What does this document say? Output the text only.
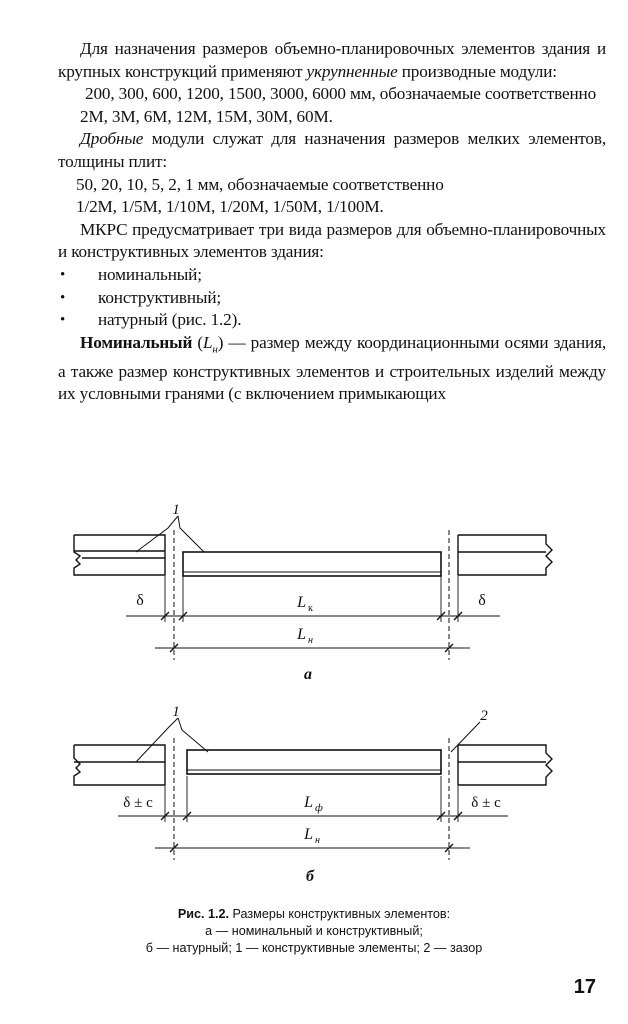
Для назначения размеров объемно-планировочных элементов здания и крупных конструкций применяют укрупненные производные модули:

200, 300, 600, 1200, 1500, 3000, 6000 мм, обозначаемые соответственно

2M, 3M, 6M, 12M, 15M, 30M, 60M.

Дробные модули служат для назначения размеров мелких элементов, толщины плит:

50, 20, 10, 5, 2, 1 мм, обозначаемые соответственно

1/2M, 1/5M, 1/10M, 1/20M, 1/50M, 1/100M.

МКРС предусматривает три вида размеров для объемно-планировочных и конструктивных элементов здания:

• номинальный;
• конструктивный;
• натурный (рис. 1.2).

Номинальный $(L_н)$ — размер между координационными осями здания, а также размер конструктивных элементов и строительных изделий между их условными гранями (с включением примыкающих

1
δ	δ
L к
L н
а
1	2
δ ± c	δ ± c
L ф
L н
б
Рис. 1.2. Размеры конструктивных элементов:
а — номинальный и конструктивный;
б — натурный; 1 — конструктивные элементы; 2 — зазор
17
